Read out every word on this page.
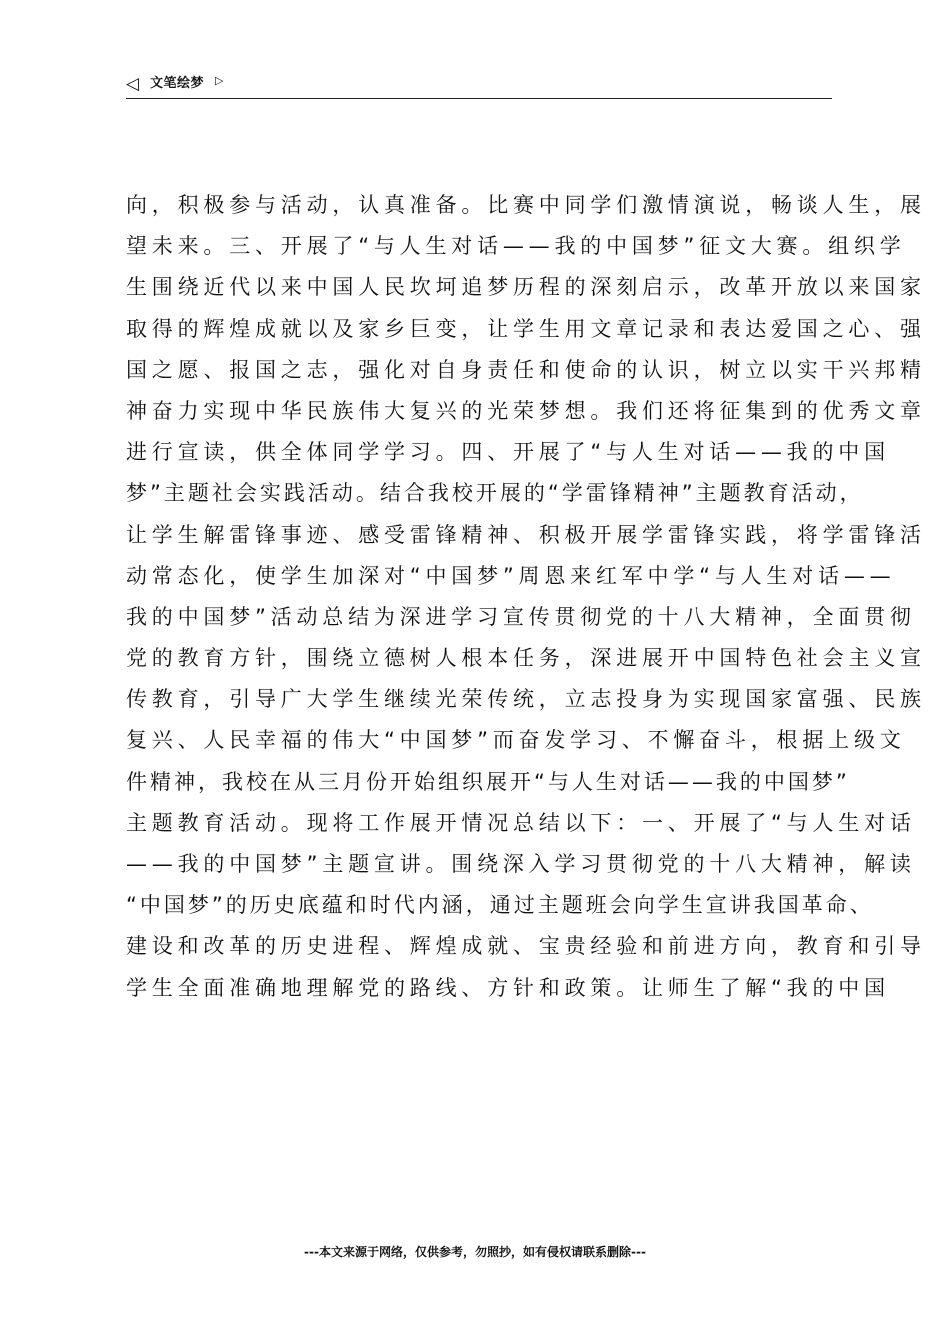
◁ 文笔绘梦 ▷
向，积极参与活动，认真准备。比赛中同学们激情演说，畅谈人生，展
望未来。三、开展了“与人生对话——我的中国梦”征文大赛。组织学
生围绕近代以来中国人民坎坷追梦历程的深刻启示，改革开放以来国家
取得的辉煌成就以及家乡巨变，让学生用文章记录和表达爱国之心、强
国之愿、报国之志，强化对自身责任和使命的认识，树立以实干兴邦精
神奋力实现中华民族伟大复兴的光荣梦想。我们还将征集到的优秀文章
进行宣读，供全体同学学习。四、开展了“与人生对话——我的中国
梦”主题社会实践活动。结合我校开展的“学雷锋精神”主题教育活动，
让学生解雷锋事迹、感受雷锋精神、积极开展学雷锋实践，将学雷锋活
动常态化，使学生加深对“中国梦”周恩来红军中学“与人生对话——
我的中国梦”活动总结为深进学习宣传贯彻党的十八大精神，全面贯彻
党的教育方针，围绕立德树人根本任务，深进展开中国特色社会主义宣
传教育，引导广大学生继续光荣传统，立志投身为实现国家富强、民族
复兴、人民幸福的伟大“中国梦”而奋发学习、不懈奋斗，根据上级文
件精神，我校在从三月份开始组织展开“与人生对话——我的中国梦”
主题教育活动。现将工作展开情况总结以下：一、开展了“与人生对话
——我的中国梦”主题宣讲。围绕深入学习贯彻党的十八大精神，解读
“中国梦”的历史底蕴和时代内涵，通过主题班会向学生宣讲我国革命、
建设和改革的历史进程、辉煌成就、宝贵经验和前进方向，教育和引导
学生全面准确地理解党的路线、方针和政策。让师生了解“我的中国
---本文来源于网络，仅供参考，勿照抄，如有侵权请联系删除---
